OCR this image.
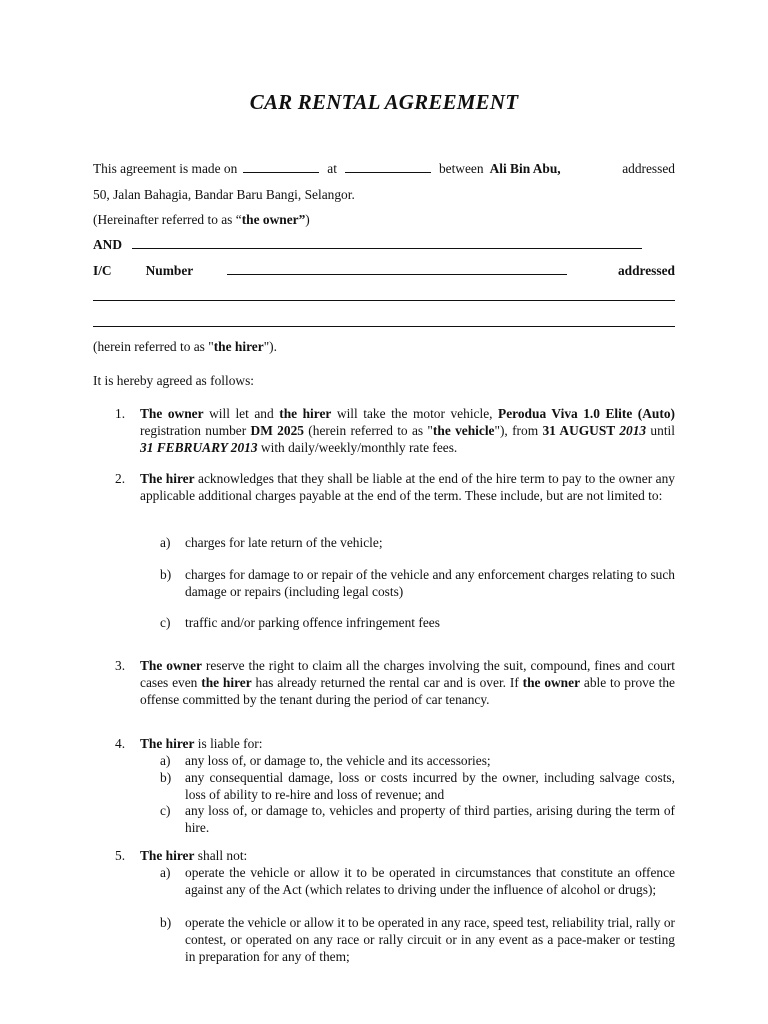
CAR RENTAL AGREEMENT
This agreement is made on	at	between Ali Bin Abu,	addressed
50, Jalan Bahagia, Bandar Baru Bangi, Selangor.
(Hereinafter referred to as “the owner”)
AND
I/C	Number	addressed
(herein referred to as "the hirer").
It is hereby agreed as follows:
1.	The owner will let and the hirer will take the motor vehicle, Perodua Viva 1.0 Elite (Auto) registration number DM 2025 (herein referred to as "the vehicle"), from 31 AUGUST 2013 until 31 FEBRUARY 2013 with daily/weekly/monthly rate fees.
2.	The hirer acknowledges that they shall be liable at the end of the hire term to pay to the owner any applicable additional charges payable at the end of the term. These include, but are not limited to:
a)	charges for late return of the vehicle;
b)	charges for damage to or repair of the vehicle and any enforcement charges relating to such damage or repairs (including legal costs)
c)	traffic and/or parking offence infringement fees
3.	The owner reserve the right to claim all the charges involving the suit, compound, fines and court cases even the hirer has already returned the rental car and is over. If the owner able to prove the offense committed by the tenant during the period of car tenancy.
4.	The hirer is liable for:
a)	any loss of, or damage to, the vehicle and its accessories;
b)	any consequential damage, loss or costs incurred by the owner, including salvage costs, loss of ability to re-hire and loss of revenue; and
c)	any loss of, or damage to, vehicles and property of third parties, arising during the term of hire.
5.	The hirer shall not:
a)	operate the vehicle or allow it to be operated in circumstances that constitute an offence against any of the Act (which relates to driving under the influence of alcohol or drugs);
b)	operate the vehicle or allow it to be operated in any race, speed test, reliability trial, rally or contest, or operated on any race or rally circuit or in any event as a pace-maker or testing in preparation for any of them;
